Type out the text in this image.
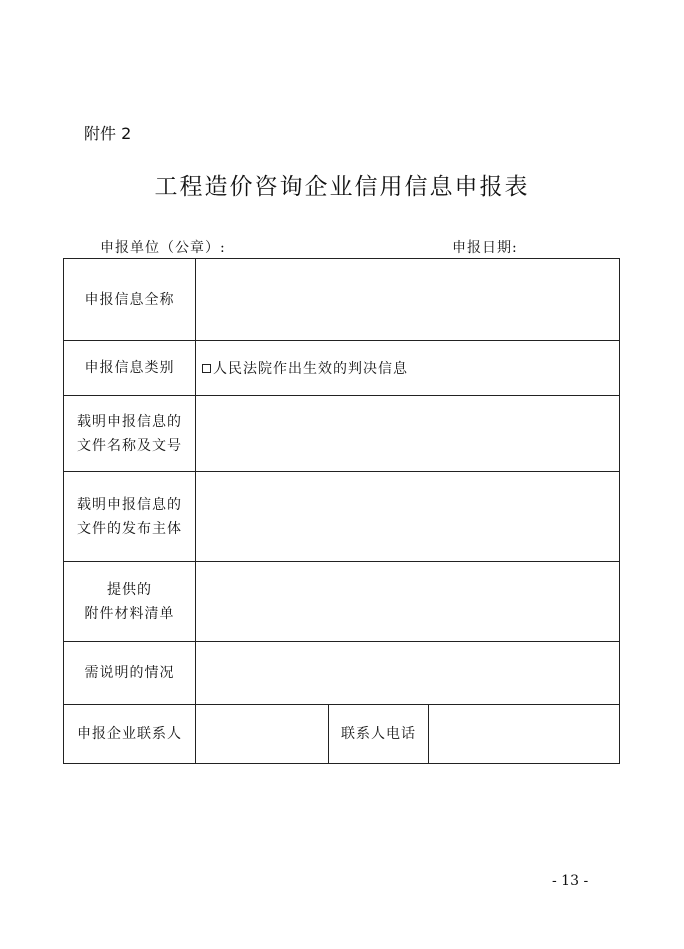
附件 2
工程造价咨询企业信用信息申报表
申报单位（公章）:	申报日期:
申报信息全称			
申报信息类别	人民法院作出生效的判决信息		

载明申报信息的
文件名称及文号			

载明申报信息的
文件的发布主体			

提供的
附件材料清单			

需说明的情况			
申报企业联系人		联系人电话	
- 13 -
